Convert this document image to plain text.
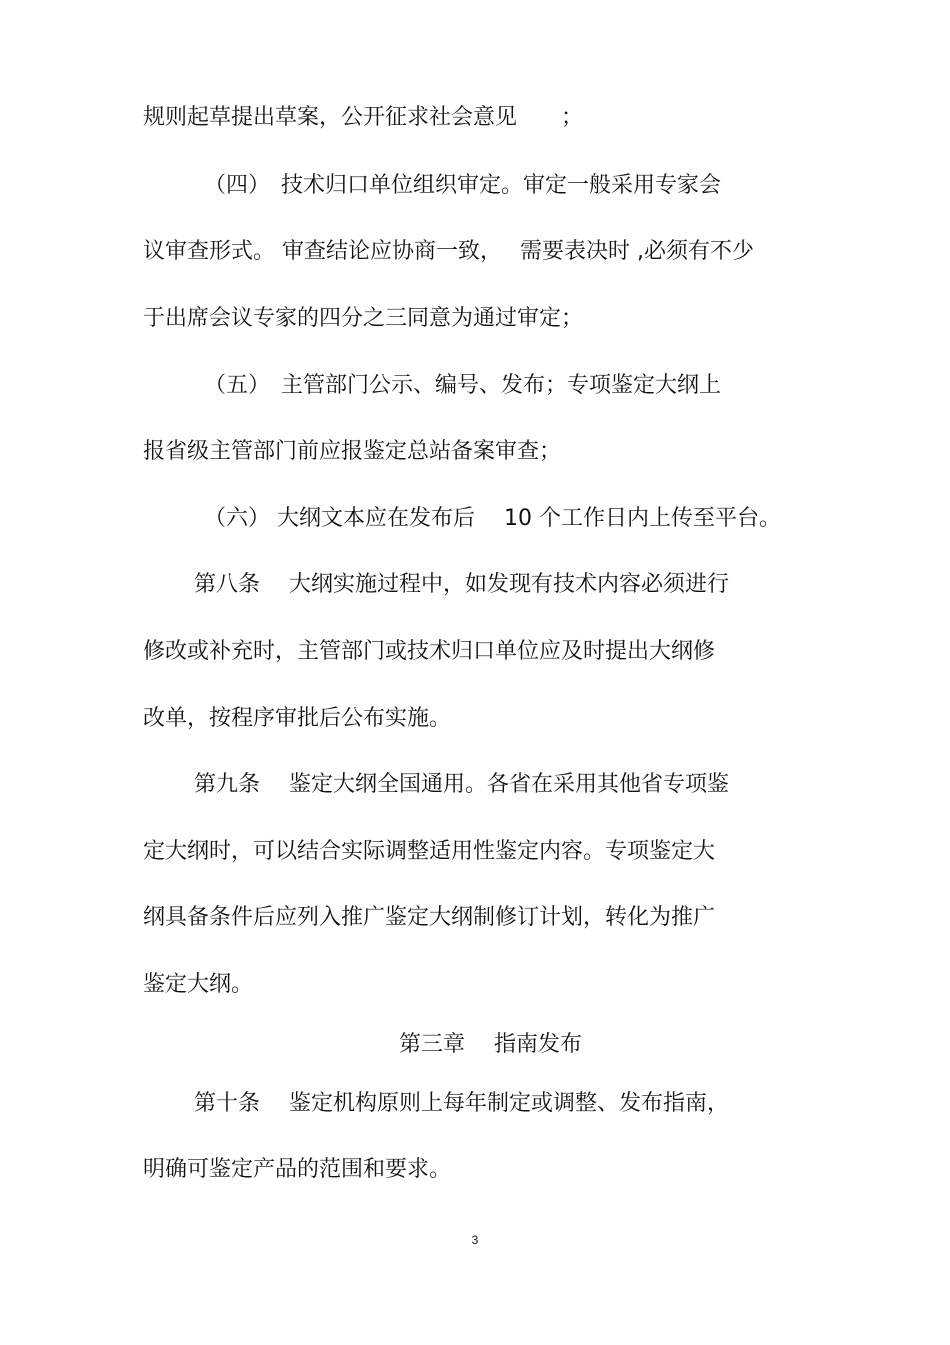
规则起草提出草案，公开征求社会意见　　；
（四）　技术归口单位组织审定。审定一般采用专家会
议审查形式。 审查结论应协商一致，　 需要表决时 ,必须有不少
于出席会议专家的四分之三同意为通过审定；
（五）　主管部门公示、编号、发布；专项鉴定大纲上
报省级主管部门前应报鉴定总站备案审查；
（六） 大纲文本应在发布后　 10 个工作日内上传至平台。
第八条　 大纲实施过程中，如发现有技术内容必须进行
修改或补充时，主管部门或技术归口单位应及时提出大纲修
改单，按程序审批后公布实施。
第九条　 鉴定大纲全国通用。各省在采用其他省专项鉴
定大纲时，可以结合实际调整适用性鉴定内容。专项鉴定大
纲具备条件后应列入推广鉴定大纲制修订计划，转化为推广
鉴定大纲。
第三章　 指南发布
第十条　 鉴定机构原则上每年制定或调整、发布指南，
明确可鉴定产品的范围和要求。
3
